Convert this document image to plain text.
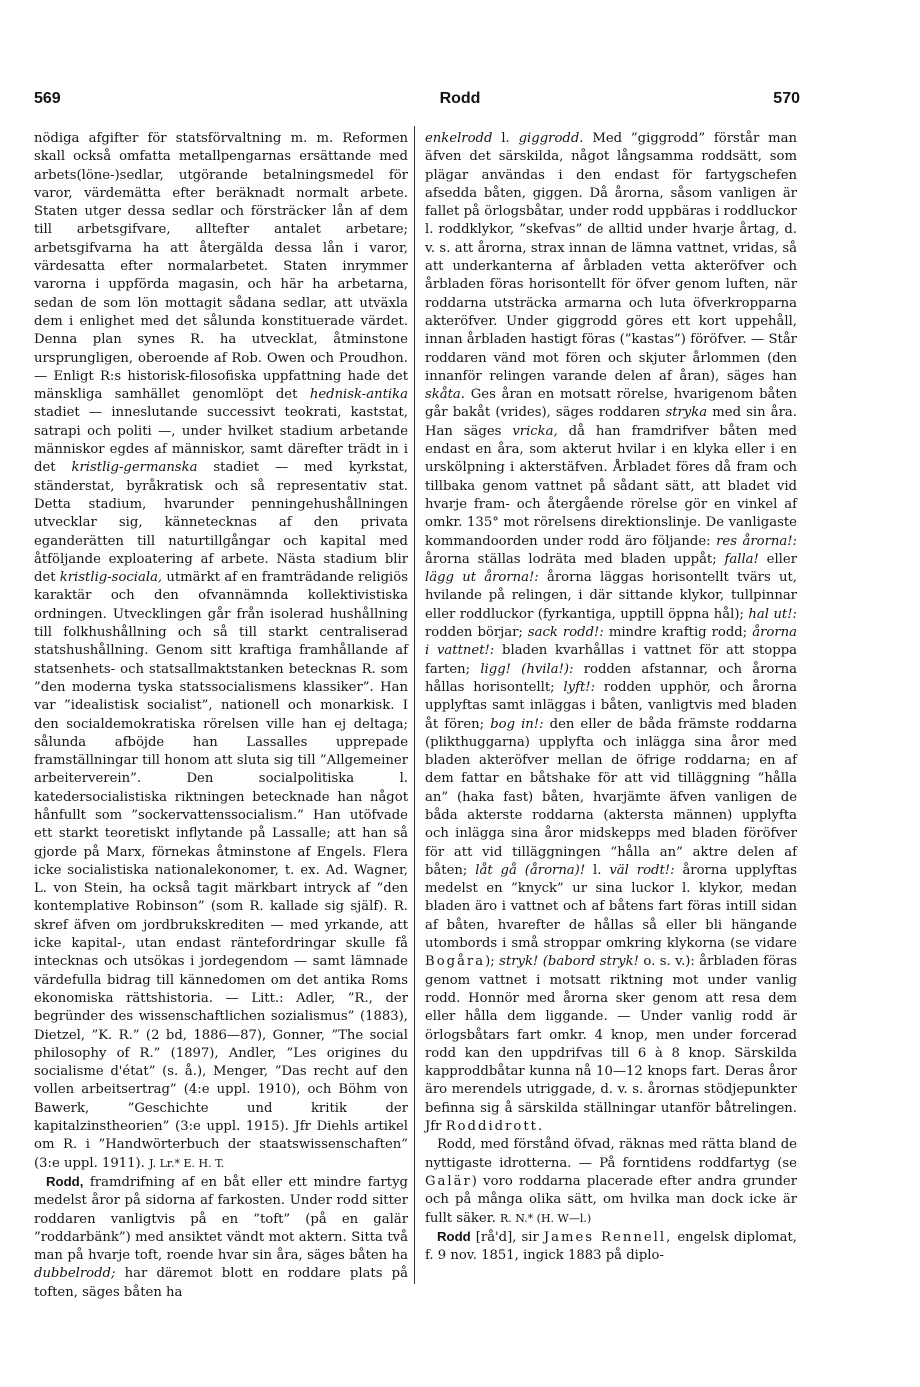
569	Rodd	570

nödiga afgifter för statsförvaltning m. m. Reformen skall också omfatta metallpengarnas ersättande med arbets(löne-)sedlar, utgörande betalningsmedel för varor, värdemätta efter beräknadt normalt arbete. Staten utger dessa sedlar och försträcker lån af dem till arbetsgifvare, alltefter antalet arbetare; arbetsgifvarna ha att återgälda dessa lån i varor, värdesatta efter normalarbetet. Staten inrymmer varorna i uppförda magasin, och här ha arbetarna, sedan de som lön mottagit sådana sedlar, att utväxla dem i enlighet med det sålunda konstituerade värdet. Denna plan synes R. ha utvecklat, åtminstone ursprungligen, oberoende af Rob. Owen och Proudhon. — Enligt R:s historisk-filosofiska uppfattning hade det mänskliga samhället genomlöpt det hednisk-antika stadiet — inneslutande successivt teokrati, kaststat, satrapi och politi —, under hvilket stadium arbetande människor egdes af människor, samt därefter trädt in i det kristlig-germanska stadiet — med kyrkstat, ständerstat, byråkratisk och så representativ stat. Detta stadium, hvarunder penningehushållningen utvecklar sig, kännetecknas af den privata eganderätten till naturtillgångar och kapital med åtföljande exploatering af arbete. Nästa stadium blir det kristlig-sociala, utmärkt af en framträdande religiös karaktär och den ofvannämnda kollektivistiska ordningen. Utvecklingen går från isolerad hushållning till folkhushållning och så till starkt centraliserad statshushållning. Genom sitt kraftiga framhållande af statsenhets- och statsallmaktstanken betecknas R. som ”den moderna tyska statssocialismens klassiker”. Han var ”idealistisk socialist”, nationell och monarkisk. I den socialdemokratiska rörelsen ville han ej deltaga; sålunda afböjde han Lassalles upprepade framställningar till honom att sluta sig till ”Allgemeiner arbeiterverein”. Den socialpolitiska l. katedersocialistiska riktningen betecknade han något hånfullt som ”sockervattenssocialism.” Han utöfvade ett starkt teoretiskt inflytande på Lassalle; att han så gjorde på Marx, förnekas åtminstone af Engels. Flera icke socialistiska nationalekonomer, t. ex. Ad. Wagner, L. von Stein, ha också tagit märkbart intryck af ”den kontemplative Robinson” (som R. kallade sig själf). R. skref äfven om jordbrukskrediten — med yrkande, att icke kapital-, utan endast räntefordringar skulle få intecknas och utsökas i jordegendom — samt lämnade värdefulla bidrag till kännedomen om det antika Roms ekonomiska rättshistoria. — Litt.: Adler, ”R., der begründer des wissenschaftlichen sozialismus” (1883), Dietzel, ”K. R.” (2 bd, 1886—87), Gonner, ”The social philosophy of R.” (1897), Andler, ”Les origines du socialisme d'état” (s. å.), Menger, ”Das recht auf den vollen arbeitsertrag” (4:e uppl. 1910), och Böhm von Bawerk, ”Geschichte und kritik der kapitalzinstheorien” (3:e uppl. 1915). Jfr Diehls artikel om R. i ”Handwörterbuch der staatswissenschaften” (3:e uppl. 1911). J. Lr.* E. H. T.

Rodd, framdrifning af en båt eller ett mindre fartyg medelst åror på sidorna af farkosten. Under rodd sitter roddaren vanligtvis på en ”toft” (på en galär ”roddarbänk”) med ansiktet vändt mot aktern. Sitta två man på hvarje toft, roende hvar sin åra, säges båten ha dubbelrodd; har däremot blott en roddare plats på toften, säges båten ha

enkelrodd l. giggrodd. Med ”giggrodd” förstår man äfven det särskilda, något långsamma roddsätt, som plägar användas i den endast för fartygschefen afsedda båten, giggen. Då årorna, såsom vanligen är fallet på örlogsbåtar, under rodd uppbäras i roddluckor l. roddklykor, ”skefvas” de alltid under hvarje årtag, d. v. s. att årorna, strax innan de lämna vattnet, vridas, så att underkanterna af årbladen vetta akteröfver och årbladen föras horisontellt för öfver genom luften, när roddarna utsträcka armarna och luta öfverkropparna akteröfver. Under giggrodd göres ett kort uppehåll, innan årbladen hastigt föras (”kastas”) föröfver. — Står roddaren vänd mot fören och skjuter årlommen (den innanför relingen varande delen af åran), säges han skåta. Ges åran en motsatt rörelse, hvarigenom båten går bakåt (vrides), säges roddaren stryka med sin åra. Han säges vricka, då han framdrifver båten med endast en åra, som akterut hvilar i en klyka eller i en urskölpning i akterstäfven. Årbladet föres då fram och tillbaka genom vattnet på sådant sätt, att bladet vid hvarje fram- och återgående rörelse gör en vinkel af omkr. 135° mot rörelsens direktionslinje. De vanligaste kommandoorden under rodd äro följande: res årorna!: årorna ställas lodräta med bladen uppåt; falla! eller lägg ut årorna!: årorna läggas horisontellt tvärs ut, hvilande på relingen, i där sittande klykor, tullpinnar eller roddluckor (fyrkantiga, upptill öppna hål); hal ut!: rodden börjar; sack rodd!: mindre kraftig rodd; årorna i vattnet!: bladen kvarhållas i vattnet för att stoppa farten; ligg! (hvila!): rodden afstannar, och årorna hållas horisontellt; lyft!: rodden upphör, och årorna upplyftas samt inläggas i båten, vanligtvis med bladen åt fören; bog in!: den eller de båda främste roddarna (plikthuggarna) upplyfta och inlägga sina åror med bladen akteröfver mellan de öfrige roddarna; en af dem fattar en båtshake för att vid tilläggning ”hålla an” (haka fast) båten, hvarjämte äfven vanligen de båda akterste roddarna (aktersta männen) upplyfta och inlägga sina åror midskepps med bladen föröfver för att vid tilläggningen ”hålla an” aktre delen af båten; låt gå (årorna)! l. väl rodt!: årorna upplyftas medelst en ”knyck” ur sina luckor l. klykor, medan bladen äro i vattnet och af båtens fart föras intill sidan af båten, hvarefter de hållas så eller bli hängande utombords i små stroppar omkring klykorna (se vidare Bogåra); stryk! (babord stryk! o. s. v.): årbladen föras genom vattnet i motsatt riktning mot under vanlig rodd. Honnör med årorna sker genom att resa dem eller hålla dem liggande. — Under vanlig rodd är örlogsbåtars fart omkr. 4 knop, men under forcerad rodd kan den uppdrifvas till 6 à 8 knop. Särskilda kapproddbåtar kunna nå 10—12 knops fart. Deras åror äro merendels utriggade, d. v. s. årornas stödjepunkter befinna sig å särskilda ställningar utanför båtrelingen. Jfr Roddidrott.

Rodd, med förstånd öfvad, räknas med rätta bland de nyttigaste idrotterna. — På forntidens roddfartyg (se Galär) voro roddarna placerade efter andra grunder och på många olika sätt, om hvilka man dock icke är fullt säker. R. N.* (H. W—l.)

Rodd [rå'd], sir James Rennell, engelsk diplomat, f. 9 nov. 1851, ingick 1883 på diplo-
